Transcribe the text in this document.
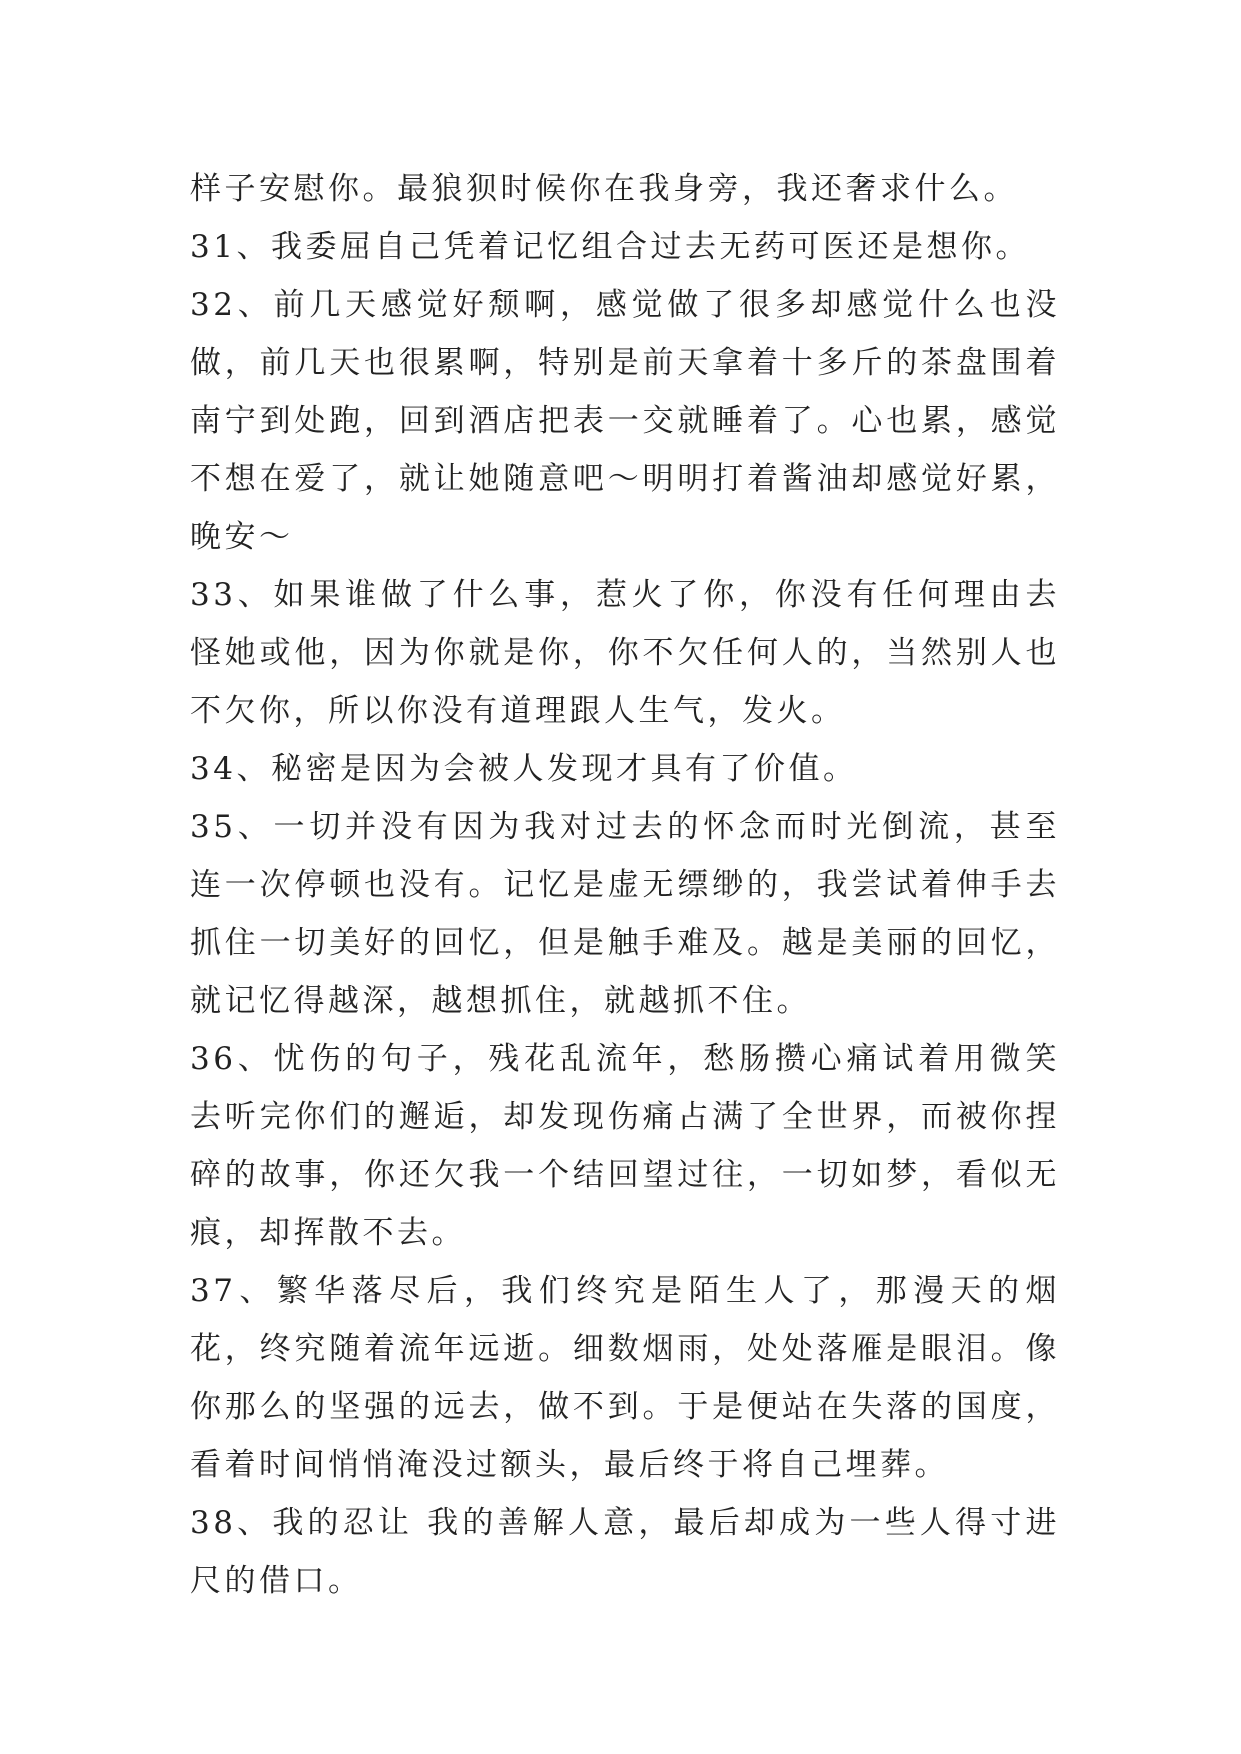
样子安慰你。最狼狈时候你在我身旁，我还奢求什么。

31、我委屈自己凭着记忆组合过去无药可医还是想你。

32、前几天感觉好颓啊，感觉做了很多却感觉什么也没做，前几天也很累啊，特别是前天拿着十多斤的茶盘围着南宁到处跑，回到酒店把表一交就睡着了。心也累，感觉不想在爱了，就让她随意吧～明明打着酱油却感觉好累，晚安～

33、如果谁做了什么事，惹火了你，你没有任何理由去怪她或他，因为你就是你，你不欠任何人的，当然别人也不欠你，所以你没有道理跟人生气，发火。

34、秘密是因为会被人发现才具有了价值。

35、一切并没有因为我对过去的怀念而时光倒流，甚至连一次停顿也没有。记忆是虚无缥缈的，我尝试着伸手去抓住一切美好的回忆，但是触手难及。越是美丽的回忆，就记忆得越深，越想抓住，就越抓不住。

36、忧伤的句子，残花乱流年，愁肠攒心痛试着用微笑去听完你们的邂逅，却发现伤痛占满了全世界，而被你捏碎的故事，你还欠我一个结回望过往，一切如梦，看似无痕，却挥散不去。

37、繁华落尽后，我们终究是陌生人了，那漫天的烟花，终究随着流年远逝。细数烟雨，处处落雁是眼泪。像你那么的坚强的远去，做不到。于是便站在失落的国度，看着时间悄悄淹没过额头，最后终于将自己埋葬。

38、我的忍让 我的善解人意，最后却成为一些人得寸进尺的借口。
